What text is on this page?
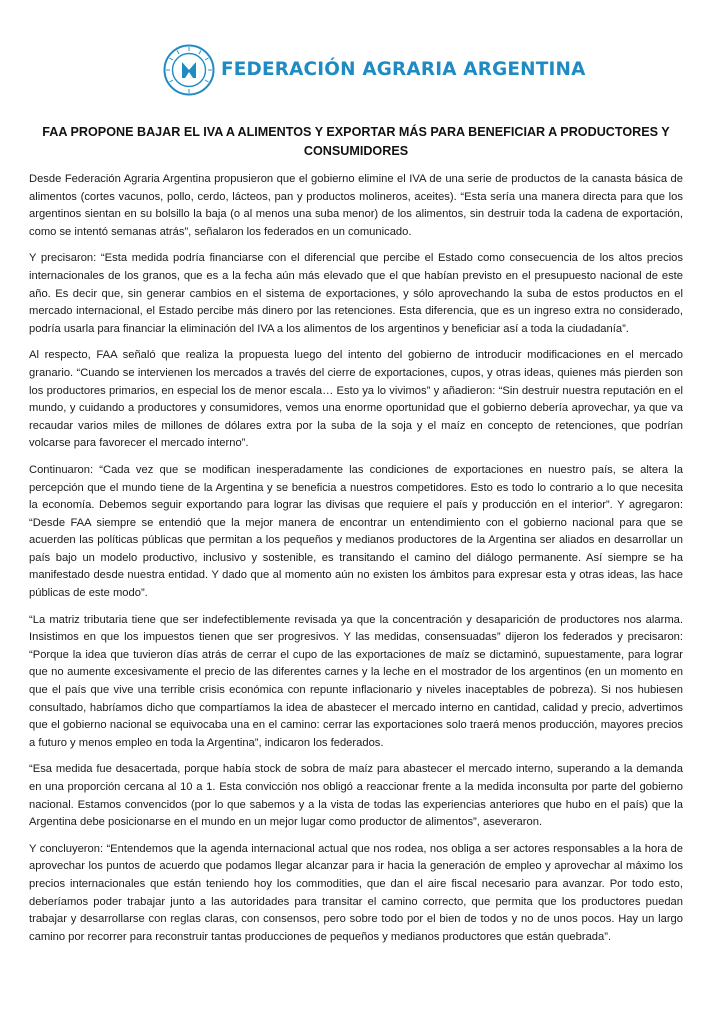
FEDERACIÓN AGRARIA ARGENTINA
FAA PROPONE BAJAR EL IVA A ALIMENTOS Y EXPORTAR MÁS PARA BENEFICIAR A PRODUCTORES Y CONSUMIDORES

Desde Federación Agraria Argentina propusieron que el gobierno elimine el IVA de una serie de productos de la canasta básica de alimentos (cortes vacunos, pollo, cerdo, lácteos, pan y productos molineros, aceites). “Esta sería una manera directa para que los argentinos sientan en su bolsillo la baja (o al menos una suba menor) de los alimentos, sin destruir toda la cadena de exportación, como se intentó semanas atrás”, señalaron los federados en un comunicado.

Y precisaron: “Esta medida podría financiarse con el diferencial que percibe el Estado como consecuencia de los altos precios internacionales de los granos, que es a la fecha aún más elevado que el que habían previsto en el presupuesto nacional de este año. Es decir que, sin generar cambios en el sistema de exportaciones, y sólo aprovechando la suba de estos productos en el mercado internacional, el Estado percibe más dinero por las retenciones. Esta diferencia, que es un ingreso extra no considerado, podría usarla para financiar la eliminación del IVA a los alimentos de los argentinos y beneficiar así a toda la ciudadanía”.

Al respecto, FAA señaló que realiza la propuesta luego del intento del gobierno de introducir modificaciones en el mercado granario. “Cuando se intervienen los mercados a través del cierre de exportaciones, cupos, y otras ideas, quienes más pierden son los productores primarios, en especial los de menor escala… Esto ya lo vivimos” y añadieron: “Sin destruir nuestra reputación en el mundo, y cuidando a productores y consumidores, vemos una enorme oportunidad que el gobierno debería aprovechar, ya que va recaudar varios miles de millones de dólares extra por la suba de la soja y el maíz en concepto de retenciones, que podrían volcarse para favorecer el mercado interno”.

Continuaron: “Cada vez que se modifican inesperadamente las condiciones de exportaciones en nuestro país, se altera la percepción que el mundo tiene de la Argentina y se beneficia a nuestros competidores. Esto es todo lo contrario a lo que necesita la economía. Debemos seguir exportando para lograr las divisas que requiere el país y producción en el interior”. Y agregaron: “Desde FAA siempre se entendió que la mejor manera de encontrar un entendimiento con el gobierno nacional para que se acuerden las políticas públicas que permitan a los pequeños y medianos productores de la Argentina ser aliados en desarrollar un país bajo un modelo productivo, inclusivo y sostenible, es transitando el camino del diálogo permanente. Así siempre se ha manifestado desde nuestra entidad. Y dado que al momento aún no existen los ámbitos para expresar esta y otras ideas, las hace públicas de este modo”.

“La matriz tributaria tiene que ser indefectiblemente revisada ya que la concentración y desaparición de productores nos alarma. Insistimos en que los impuestos tienen que ser progresivos. Y las medidas, consensuadas” dijeron los federados y precisaron: “Porque la idea que tuvieron días atrás de cerrar el cupo de las exportaciones de maíz se dictaminó, supuestamente, para lograr que no aumente excesivamente el precio de las diferentes carnes y la leche en el mostrador de los argentinos (en un momento en que el país que vive una terrible crisis económica con repunte inflacionario y niveles inaceptables de pobreza). Si nos hubiesen consultado, habríamos dicho que compartíamos la idea de abastecer el mercado interno en cantidad, calidad y precio, advertimos que el gobierno nacional se equivocaba una en el camino: cerrar las exportaciones solo traerá menos producción, mayores precios a futuro y menos empleo en toda la Argentina”, indicaron los federados.

“Esa medida fue desacertada, porque había stock de sobra de maíz para abastecer el mercado interno, superando a la demanda en una proporción cercana al 10 a 1. Esta convicción nos obligó a reaccionar frente a la medida inconsulta por parte del gobierno nacional. Estamos convencidos (por lo que sabemos y a la vista de todas las experiencias anteriores que hubo en el país) que la Argentina debe posicionarse en el mundo en un mejor lugar como productor de alimentos”, aseveraron.

Y concluyeron: “Entendemos que la agenda internacional actual que nos rodea, nos obliga a ser actores responsables a la hora de aprovechar los puntos de acuerdo que podamos llegar alcanzar para ir hacia la generación de empleo y aprovechar al máximo los precios internacionales que están teniendo hoy los commodities, que dan el aire fiscal necesario para avanzar. Por todo esto, deberíamos poder trabajar junto a las autoridades para transitar el camino correcto, que permita que los productores puedan trabajar y desarrollarse con reglas claras, con consensos, pero sobre todo por el bien de todos y no de unos pocos. Hay un largo camino por recorrer para reconstruir tantas producciones de pequeños y medianos productores que están quebrada”.
